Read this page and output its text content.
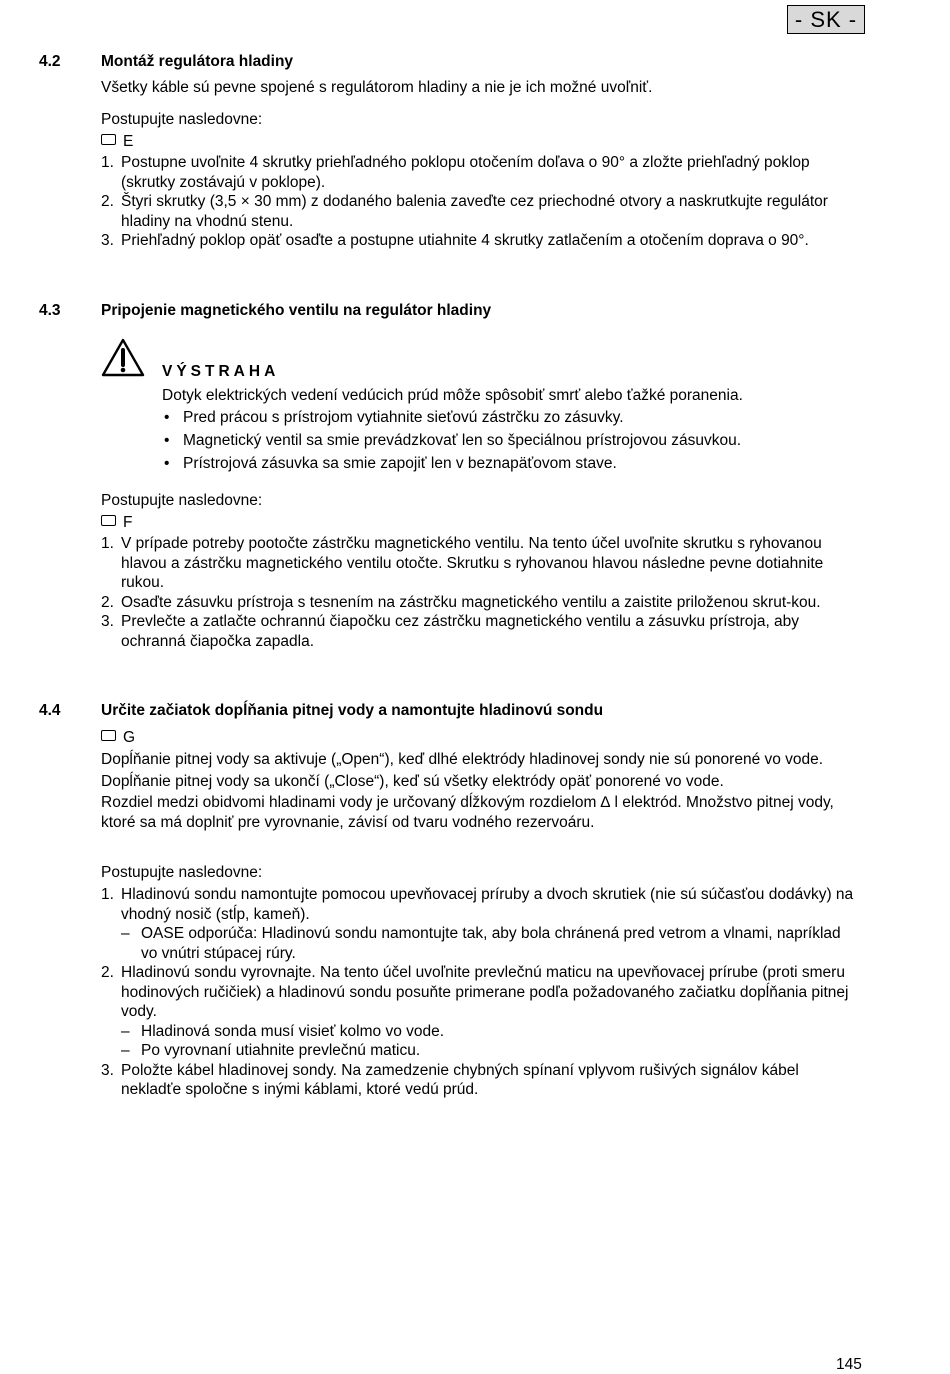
- SK -
4.2	Montáž regulátora hladiny
Všetky káble sú pevne spojené s regulátorom hladiny a nie je ich možné uvoľniť.
Postupujte nasledovne:
E
1. Postupne uvoľnite 4 skrutky priehľadného poklopu otočením doľava o 90° a zložte priehľadný poklop (skrutky zostávajú v poklope).
2. Štyri skrutky (3,5 × 30 mm) z dodaného balenia zaveďte cez priechodné otvory a naskrutkujte regulátor hladiny na vhodnú stenu.
3. Priehľadný poklop opäť osaďte a postupne utiahnite 4 skrutky zatlačením a otočením doprava o 90°.
4.3	Pripojenie magnetického ventilu na regulátor hladiny
VÝSTRAHA
Dotyk elektrických vedení vedúcich prúd môže spôsobiť smrť alebo ťažké poranenia.
• Pred prácou s prístrojom vytiahnite sieťovú zástrčku zo zásuvky.
• Magnetický ventil sa smie prevádzkovať len so špeciálnou prístrojovou zásuvkou.
• Prístrojová zásuvka sa smie zapojiť len v beznapäťovom stave.
Postupujte nasledovne:
F
1. V prípade potreby pootočte zástrčku magnetického ventilu. Na tento účel uvoľnite skrutku s ryhovanou hlavou a zástrčku magnetického ventilu otočte. Skrutku s ryhovanou hlavou následne pevne dotiahnite rukou.
2. Osaďte zásuvku prístroja s tesnením na zástrčku magnetického ventilu a zaistite priloženou skrut-kou.
3. Prevlečte a zatlačte ochrannú čiapočku cez zástrčku magnetického ventilu a zásuvku prístroja, aby ochranná čiapočka zapadla.
4.4	Určite začiatok dopĺňania pitnej vody a namontujte hladinovú sondu
G
Dopĺňanie pitnej vody sa aktivuje („Open“), keď dlhé elektródy hladinovej sondy nie sú ponorené vo vode.
Dopĺňanie pitnej vody sa ukončí („Close“), keď sú všetky elektródy opäť ponorené vo vode.
Rozdiel medzi obidvomi hladinami vody je určovaný dĺžkovým rozdielom ∆ l elektród. Množstvo pitnej vody, ktoré sa má doplniť pre vyrovnanie, závisí od tvaru vodného rezervoáru.
Postupujte nasledovne:
1. Hladinovú sondu namontujte pomocou upevňovacej príruby a dvoch skrutiek (nie sú súčasťou dodávky) na vhodný nosič (stĺp, kameň).
– OASE odporúča: Hladinovú sondu namontujte tak, aby bola chránená pred vetrom a vlnami, napríklad vo vnútri stúpacej rúry.
2. Hladinovú sondu vyrovnajte. Na tento účel uvoľnite prevlečnú maticu na upevňovacej prírube (proti smeru hodinových ručičiek) a hladinovú sondu posuňte primerane podľa požadovaného začiatku dopĺňania pitnej vody.
– Hladinová sonda musí visieť kolmo vo vode.
– Po vyrovnaní utiahnite prevlečnú maticu.
3. Položte kábel hladinovej sondy. Na zamedzenie chybných spínaní vplyvom rušivých signálov kábel nekladťe spoločne s inými káblami, ktoré vedú prúd.
145
